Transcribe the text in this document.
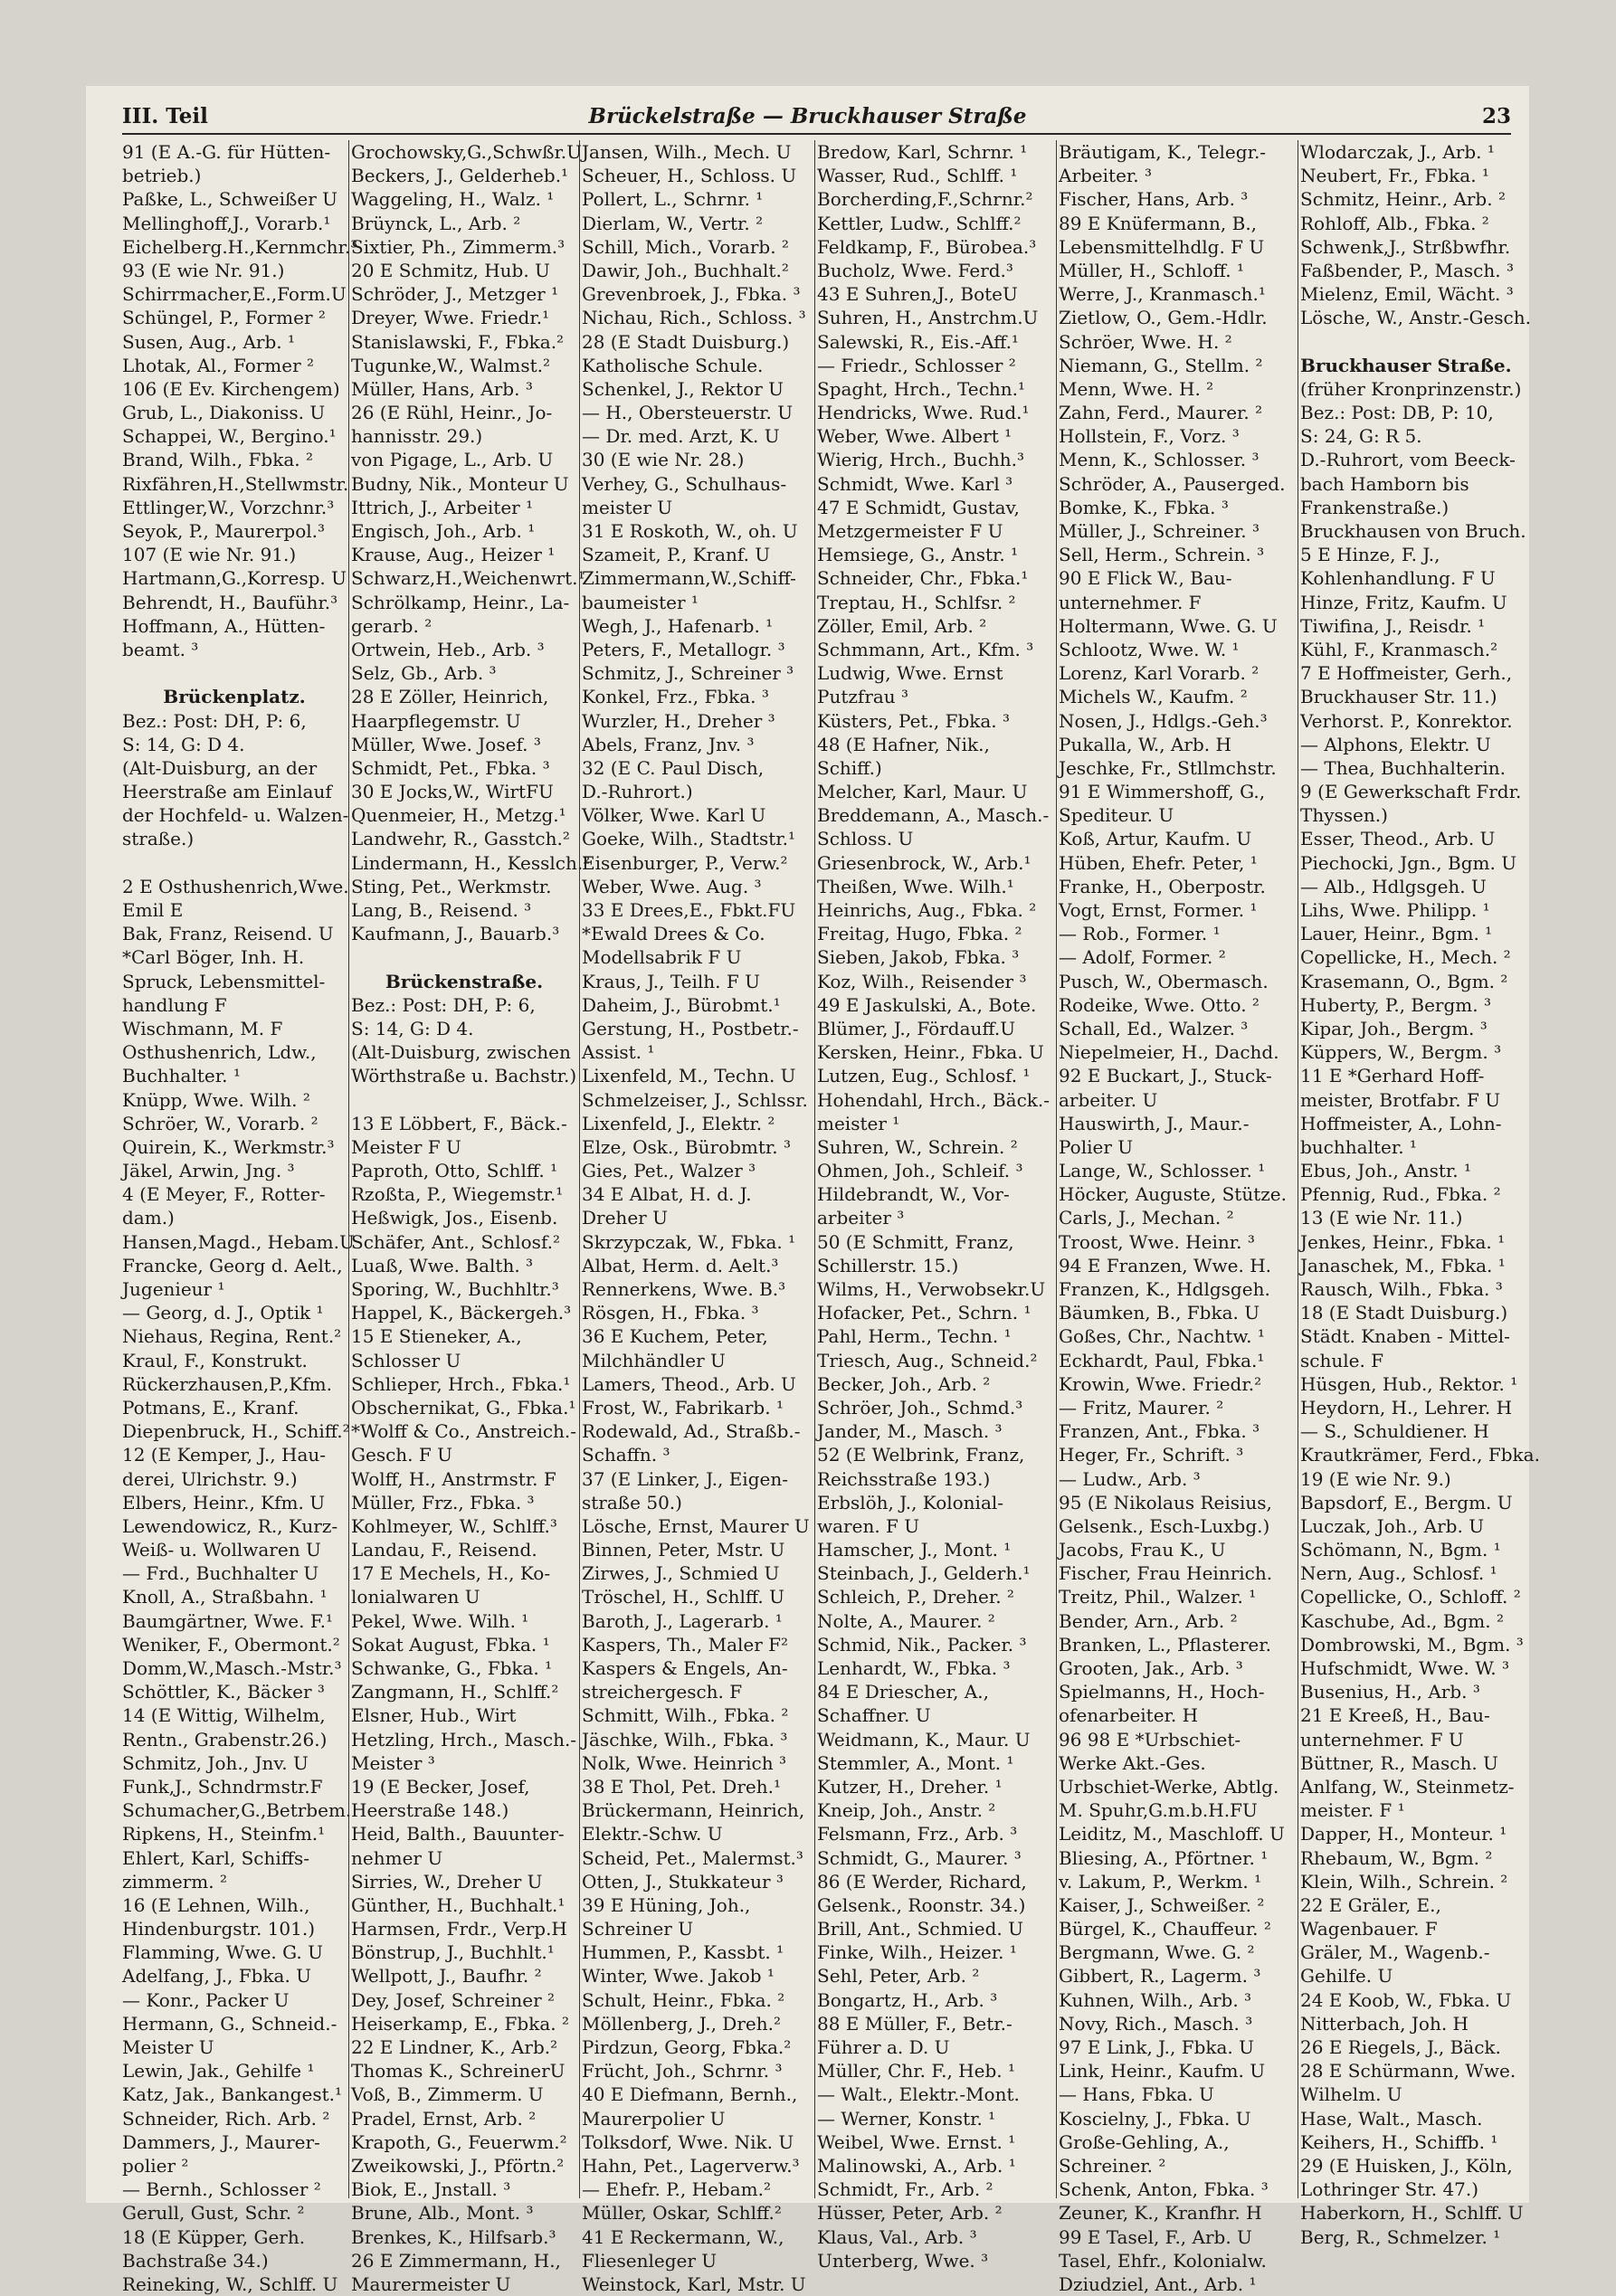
III. Teil	Brückelstraße — Bruckhauser Straße	23
91 (E A.-G. für Hütten-
betrieb.)
Paßke, L., Schweißer U
Mellinghoff,J., Vorarb.¹
Eichelberg.H.,Kernmchr.³
93 (E wie Nr. 91.)
Schirrmacher,E.,Form.U
Schüngel, P., Former ²
Susen, Aug., Arb. ¹
Lhotak, Al., Former ²
106 (E Ev. Kirchengem)
Grub, L., Diakoniss. U
Schappei, W., Bergino.¹
Brand, Wilh., Fbka. ²
Rixfähren,H.,Stellwmstr.
Ettlinger,W., Vorzchnr.³
Seyok, P., Maurerpol.³
107 (E wie Nr. 91.)
Hartmann,G.,Korresp. U
Behrendt, H., Bauführ.³
Hoffmann, A., Hütten-
beamt. ³
Brückenplatz.
Bez.: Post: DH, P: 6,
S: 14, G: D 4.
(Alt-Duisburg, an der
Heerstraße am Einlauf
der Hochfeld- u. Walzen-
straße.)
2 E Osthushenrich,Wwe.
Emil E
Bak, Franz, Reisend. U
*Carl Böger, Inh. H.
Spruck, Lebensmittel-
handlung F
Wischmann, M. F
Osthushenrich, Ldw.,
Buchhalter. ¹
Knüpp, Wwe. Wilh. ²
Schröer, W., Vorarb. ²
Quirein, K., Werkmstr.³
Jäkel, Arwin, Jng. ³
4 (E Meyer, F., Rotter-
dam.)
Hansen,Magd., Hebam.U
Francke, Georg d. Aelt.,
Jugenieur ¹
— Georg, d. J., Optik ¹
Niehaus, Regina, Rent.²
Kraul, F., Konstrukt.
Rückerzhausen,P.,Kfm.
Potmans, E., Kranf.
Diepenbruck, H., Schiff.²
12 (E Kemper, J., Hau-
derei, Ulrichstr. 9.)
Elbers, Heinr., Kfm. U
Lewendowicz, R., Kurz-
Weiß- u. Wollwaren U
— Frd., Buchhalter U
Knoll, A., Straßbahn. ¹
Baumgärtner, Wwe. F.¹
Weniker, F., Obermont.²
Domm,W.,Masch.-Mstr.³
Schöttler, K., Bäcker ³
14 (E Wittig, Wilhelm,
Rentn., Grabenstr.26.)
Schmitz, Joh., Jnv. U
Funk,J., Schndrmstr.F
Schumacher,G.,Betrbem.
Ripkens, H., Steinfm.¹
Ehlert, Karl, Schiffs-
zimmerm. ²
16 (E Lehnen, Wilh.,
Hindenburgstr. 101.)
Flamming, Wwe. G. U
Adelfang, J., Fbka. U
— Konr., Packer U
Hermann, G., Schneid.-
Meister U
Lewin, Jak., Gehilfe ¹
Katz, Jak., Bankangest.¹
Schneider, Rich. Arb. ²
Dammers, J., Maurer-
polier ²
— Bernh., Schlosser ²
Gerull, Gust, Schr. ²
18 (E Küpper, Gerh.
Bachstraße 34.)
Reineking, W., Schlff. U
Grochowsky,G.,Schwßr.U
Beckers, J., Gelderheb.¹
Waggeling, H., Walz. ¹
Brüynck, L., Arb. ²
Sixtier, Ph., Zimmerm.³
20 E Schmitz, Hub. U
Schröder, J., Metzger ¹
Dreyer, Wwe. Friedr.¹
Stanislawski, F., Fbka.²
Tugunke,W., Walmst.²
Müller, Hans, Arb. ³
26 (E Rühl, Heinr., Jo-
hannisstr. 29.)
von Pigage, L., Arb. U
Budny, Nik., Monteur U
Ittrich, J., Arbeiter ¹
Engisch, Joh., Arb. ¹
Krause, Aug., Heizer ¹
Schwarz,H.,Weichenwrt.¹
Schrölkamp, Heinr., La-
gerarb. ²
Ortwein, Heb., Arb. ³
Selz, Gb., Arb. ³
28 E Zöller, Heinrich,
Haarpflegemstr. U
Müller, Wwe. Josef. ³
Schmidt, Pet., Fbka. ³
30 E Jocks,W., WirtFU
Quenmeier, H., Metzg.¹
Landwehr, R., Gasstch.²
Lindermann, H., Kesslch.²
Sting, Pet., Werkmstr.
Lang, B., Reisend. ³
Kaufmann, J., Bauarb.³
Brückenstraße.
Bez.: Post: DH, P: 6,
S: 14, G: D 4.
(Alt-Duisburg, zwischen
Wörthstraße u. Bachstr.)
13 E Löbbert, F., Bäck.-
Meister F U
Paproth, Otto, Schlff. ¹
Rzoßta, P., Wiegemstr.¹
Heßwigk, Jos., Eisenb.
Schäfer, Ant., Schlosf.²
Luaß, Wwe. Balth. ³
Sporing, W., Buchhltr.³
Happel, K., Bäckergeh.³
15 E Stieneker, A.,
Schlosser U
Schlieper, Hrch., Fbka.¹
Obschernikat, G., Fbka.¹
*Wolff & Co., Anstreich.-
Gesch. F U
Wolff, H., Anstrmstr. F
Müller, Frz., Fbka. ³
Kohlmeyer, W., Schlff.³
Landau, F., Reisend.
17 E Mechels, H., Ko-
lonialwaren U
Pekel, Wwe. Wilh. ¹
Sokat August, Fbka. ¹
Schwanke, G., Fbka. ¹
Zangmann, H., Schlff.²
Elsner, Hub., Wirt
Hetzling, Hrch., Masch.-
Meister ³
19 (E Becker, Josef,
Heerstraße 148.)
Heid, Balth., Bauunter-
nehmer U
Sirries, W., Dreher U
Günther, H., Buchhalt.¹
Harmsen, Frdr., Verp.H
Bönstrup, J., Buchhlt.¹
Wellpott, J., Baufhr. ²
Dey, Josef, Schreiner ²
Heiserkamp, E., Fbka. ²
22 E Lindner, K., Arb.²
Thomas K., SchreinerU
Voß, B., Zimmerm. U
Pradel, Ernst, Arb. ²
Krapoth, G., Feuerwm.²
Zweikowski, J., Pförtn.²
Biok, E., Jnstall. ³
Brune, Alb., Mont. ³
Brenkes, K., Hilfsarb.³
26 E Zimmermann, H.,
Maurermeister U
Jansen, Wilh., Mech. U
Scheuer, H., Schloss. U
Pollert, L., Schrnr. ¹
Dierlam, W., Vertr. ²
Schill, Mich., Vorarb. ²
Dawir, Joh., Buchhalt.²
Grevenbroek, J., Fbka. ³
Nichau, Rich., Schloss. ³
28 (E Stadt Duisburg.)
Katholische Schule.
Schenkel, J., Rektor U
— H., Obersteuerstr. U
— Dr. med. Arzt, K. U
30 (E wie Nr. 28.)
Verhey, G., Schulhaus-
meister U
31 E Roskoth, W., oh. U
Szameit, P., Kranf. U
Zimmermann,W.,Schiff-
baumeister ¹
Wegh, J., Hafenarb. ¹
Peters, F., Metallogr. ³
Schmitz, J., Schreiner ³
Konkel, Frz., Fbka. ³
Wurzler, H., Dreher ³
Abels, Franz, Jnv. ³
32 (E C. Paul Disch,
D.-Ruhrort.)
Völker, Wwe. Karl U
Goeke, Wilh., Stadtstr.¹
Eisenburger, P., Verw.²
Weber, Wwe. Aug. ³
33 E Drees,E., Fbkt.FU
*Ewald Drees & Co.
Modellsabrik F U
Kraus, J., Teilh. F U
Daheim, J., Bürobmt.¹
Gerstung, H., Postbetr.-
Assist. ¹
Lixenfeld, M., Techn. U
Schmelzeiser, J., Schlssr.
Lixenfeld, J., Elektr. ²
Elze, Osk., Bürobmtr. ³
Gies, Pet., Walzer ³
34 E Albat, H. d. J.
Dreher U
Skrzypczak, W., Fbka. ¹
Albat, Herm. d. Aelt.³
Rennerkens, Wwe. B.³
Rösgen, H., Fbka. ³
36 E Kuchem, Peter,
Milchhändler U
Lamers, Theod., Arb. U
Frost, W., Fabrikarb. ¹
Rodewald, Ad., Straßb.-
Schaffn. ³
37 (E Linker, J., Eigen-
straße 50.)
Lösche, Ernst, Maurer U
Binnen, Peter, Mstr. U
Zirwes, J., Schmied U
Tröschel, H., Schlff. U
Baroth, J., Lagerarb. ¹
Kaspers, Th., Maler F²
Kaspers & Engels, An-
streichergesch. F
Schmitt, Wilh., Fbka. ²
Jäschke, Wilh., Fbka. ³
Nolk, Wwe. Heinrich ³
38 E Thol, Pet. Dreh.¹
Brückermann, Heinrich,
Elektr.-Schw. U
Scheid, Pet., Malermst.³
Otten, J., Stukkateur ³
39 E Hüning, Joh.,
Schreiner U
Hummen, P., Kassbt. ¹
Winter, Wwe. Jakob ¹
Schult, Heinr., Fbka. ²
Möllenberg, J., Dreh.²
Pirdzun, Georg, Fbka.²
Frücht, Joh., Schrnr. ³
40 E Diefmann, Bernh.,
Maurerpolier U
Tolksdorf, Wwe. Nik. U
Hahn, Pet., Lagerverw.³
— Ehefr. P., Hebam.²
Müller, Oskar, Schlff.²
41 E Reckermann, W.,
Fliesenleger U
Weinstock, Karl, Mstr. U
Bredow, Karl, Schrnr. ¹
Wasser, Rud., Schlff. ¹
Borcherding,F.,Schrnr.²
Kettler, Ludw., Schlff.²
Feldkamp, F., Bürobea.³
Bucholz, Wwe. Ferd.³
43 E Suhren,J., BoteU
Suhren, H., Anstrchm.U
Salewski, R., Eis.-Aff.¹
— Friedr., Schlosser ²
Spaght, Hrch., Techn.¹
Hendricks, Wwe. Rud.¹
Weber, Wwe. Albert ¹
Wierig, Hrch., Buchh.³
Schmidt, Wwe. Karl ³
47 E Schmidt, Gustav,
Metzgermeister F U
Hemsiege, G., Anstr. ¹
Schneider, Chr., Fbka.¹
Treptau, H., Schlfsr. ²
Zöller, Emil, Arb. ²
Schmmann, Art., Kfm. ³
Ludwig, Wwe. Ernst
Putzfrau ³
Küsters, Pet., Fbka. ³
48 (E Hafner, Nik.,
Schiff.)
Melcher, Karl, Maur. U
Breddemann, A., Masch.-
Schloss. U
Griesenbrock, W., Arb.¹
Theißen, Wwe. Wilh.¹
Heinrichs, Aug., Fbka. ²
Freitag, Hugo, Fbka. ²
Sieben, Jakob, Fbka. ³
Koz, Wilh., Reisender ³
49 E Jaskulski, A., Bote.
Blümer, J., Fördauff.U
Kersken, Heinr., Fbka. U
Lutzen, Eug., Schlosf. ¹
Hohendahl, Hrch., Bäck.-
meister ¹
Suhren, W., Schrein. ²
Ohmen, Joh., Schleif. ³
Hildebrandt, W., Vor-
arbeiter ³
50 (E Schmitt, Franz,
Schillerstr. 15.)
Wilms, H., Verwobsekr.U
Hofacker, Pet., Schrn. ¹
Pahl, Herm., Techn. ¹
Triesch, Aug., Schneid.²
Becker, Joh., Arb. ²
Schröer, Joh., Schmd.³
Jander, M., Masch. ³
52 (E Welbrink, Franz,
Reichsstraße 193.)
Erbslöh, J., Kolonial-
waren. F U
Hamscher, J., Mont. ¹
Steinbach, J., Gelderh.¹
Schleich, P., Dreher. ²
Nolte, A., Maurer. ²
Schmid, Nik., Packer. ³
Lenhardt, W., Fbka. ³
84 E Driescher, A.,
Schaffner. U
Weidmann, K., Maur. U
Stemmler, A., Mont. ¹
Kutzer, H., Dreher. ¹
Kneip, Joh., Anstr. ²
Felsmann, Frz., Arb. ³
Schmidt, G., Maurer. ³
86 (E Werder, Richard,
Gelsenk., Roonstr. 34.)
Brill, Ant., Schmied. U
Finke, Wilh., Heizer. ¹
Sehl, Peter, Arb. ²
Bongartz, H., Arb. ³
88 E Müller, F., Betr.-
Führer a. D. U
Müller, Chr. F., Heb. ¹
— Walt., Elektr.-Mont.
— Werner, Konstr. ¹
Weibel, Wwe. Ernst. ¹
Malinowski, A., Arb. ¹
Schmidt, Fr., Arb. ²
Hüsser, Peter, Arb. ²
Klaus, Val., Arb. ³
Unterberg, Wwe. ³
Bräutigam, K., Telegr.-
Arbeiter. ³
Fischer, Hans, Arb. ³
89 E Knüfermann, B.,
Lebensmittelhdlg. F U
Müller, H., Schloff. ¹
Werre, J., Kranmasch.¹
Zietlow, O., Gem.-Hdlr.
Schröer, Wwe. H. ²
Niemann, G., Stellm. ²
Menn, Wwe. H. ²
Zahn, Ferd., Maurer. ²
Hollstein, F., Vorz. ³
Menn, K., Schlosser. ³
Schröder, A., Pauserged.
Bomke, K., Fbka. ³
Müller, J., Schreiner. ³
Sell, Herm., Schrein. ³
90 E Flick W., Bau-
unternehmer. F
Holtermann, Wwe. G. U
Schlootz, Wwe. W. ¹
Lorenz, Karl Vorarb. ²
Michels W., Kaufm. ²
Nosen, J., Hdlgs.-Geh.³
Pukalla, W., Arb. H
Jeschke, Fr., Stllmchstr.
91 E Wimmershoff, G.,
Spediteur. U
Koß, Artur, Kaufm. U
Hüben, Ehefr. Peter, ¹
Franke, H., Oberpostr.
Vogt, Ernst, Former. ¹
— Rob., Former. ¹
— Adolf, Former. ²
Pusch, W., Obermasch.
Rodeike, Wwe. Otto. ²
Schall, Ed., Walzer. ³
Niepelmeier, H., Dachd.
92 E Buckart, J., Stuck-
arbeiter. U
Hauswirth, J., Maur.-
Polier U
Lange, W., Schlosser. ¹
Höcker, Auguste, Stütze.
Carls, J., Mechan. ²
Troost, Wwe. Heinr. ³
94 E Franzen, Wwe. H.
Franzen, K., Hdlgsgeh.
Bäumken, B., Fbka. U
Goßes, Chr., Nachtw. ¹
Eckhardt, Paul, Fbka.¹
Krowin, Wwe. Friedr.²
— Fritz, Maurer. ²
Franzen, Ant., Fbka. ³
Heger, Fr., Schrift. ³
— Ludw., Arb. ³
95 (E Nikolaus Reisius,
Gelsenk., Esch-Luxbg.)
Jacobs, Frau K., U
Fischer, Frau Heinrich.
Treitz, Phil., Walzer. ¹
Bender, Arn., Arb. ²
Branken, L., Pflasterer.
Grooten, Jak., Arb. ³
Spielmanns, H., Hoch-
ofenarbeiter. H
96 98 E *Urbschiet-
Werke Akt.-Ges.
Urbschiet-Werke, Abtlg.
M. Spuhr,G.m.b.H.FU
Leiditz, M., Maschloff. U
Bliesing, A., Pförtner. ¹
v. Lakum, P., Werkm. ¹
Kaiser, J., Schweißer. ²
Bürgel, K., Chauffeur. ²
Bergmann, Wwe. G. ²
Gibbert, R., Lagerm. ³
Kuhnen, Wilh., Arb. ³
Novy, Rich., Masch. ³
97 E Link, J., Fbka. U
Link, Heinr., Kaufm. U
— Hans, Fbka. U
Koscielny, J., Fbka. U
Große-Gehling, A.,
Schreiner. ²
Schenk, Anton, Fbka. ³
Zeuner, K., Kranfhr. H
99 E Tasel, F., Arb. U
Tasel, Ehfr., Kolonialw.
Dziudziel, Ant., Arb. ¹
Wlodarczak, J., Arb. ¹
Neubert, Fr., Fbka. ¹
Schmitz, Heinr., Arb. ²
Rohloff, Alb., Fbka. ²
Schwenk,J., Strßbwfhr.
Faßbender, P., Masch. ³
Mielenz, Emil, Wächt. ³
Lösche, W., Anstr.-Gesch.
Bruckhauser Straße.
(früher Kronprinzenstr.)
Bez.: Post: DB, P: 10,
S: 24, G: R 5.
D.-Ruhrort, vom Beeck-
bach Hamborn bis
Frankenstraße.)
Bruckhausen von Bruch.
5 E Hinze, F. J.,
Kohlenhandlung. F U
Hinze, Fritz, Kaufm. U
Tiwifina, J., Reisdr. ¹
Kühl, F., Kranmasch.²
7 E Hoffmeister, Gerh.,
Bruckhauser Str. 11.)
Verhorst. P., Konrektor.
— Alphons, Elektr. U
— Thea, Buchhalterin.
9 (E Gewerkschaft Frdr.
Thyssen.)
Esser, Theod., Arb. U
Piechocki, Jgn., Bgm. U
— Alb., Hdlgsgeh. U
Lihs, Wwe. Philipp. ¹
Lauer, Heinr., Bgm. ¹
Copellicke, H., Mech. ²
Krasemann, O., Bgm. ²
Huberty, P., Bergm. ³
Kipar, Joh., Bergm. ³
Küppers, W., Bergm. ³
11 E *Gerhard Hoff-
meister, Brotfabr. F U
Hoffmeister, A., Lohn-
buchhalter. ¹
Ebus, Joh., Anstr. ¹
Pfennig, Rud., Fbka. ²
13 (E wie Nr. 11.)
Jenkes, Heinr., Fbka. ¹
Janaschek, M., Fbka. ¹
Rausch, Wilh., Fbka. ³
18 (E Stadt Duisburg.)
Städt. Knaben - Mittel-
schule. F
Hüsgen, Hub., Rektor. ¹
Heydorn, H., Lehrer. H
— S., Schuldiener. H
Krautkrämer, Ferd., Fbka.
19 (E wie Nr. 9.)
Bapsdorf, E., Bergm. U
Luczak, Joh., Arb. U
Schömann, N., Bgm. ¹
Nern, Aug., Schlosf. ¹
Copellicke, O., Schloff. ²
Kaschube, Ad., Bgm. ²
Dombrowski, M., Bgm. ³
Hufschmidt, Wwe. W. ³
Busenius, H., Arb. ³
21 E Kreeß, H., Bau-
unternehmer. F U
Büttner, R., Masch. U
Anlfang, W., Steinmetz-
meister. F ¹
Dapper, H., Monteur. ¹
Rhebaum, W., Bgm. ²
Klein, Wilh., Schrein. ²
22 E Gräler, E.,
Wagenbauer. F
Gräler, M., Wagenb.-
Gehilfe. U
24 E Koob, W., Fbka. U
Nitterbach, Joh. H
26 E Riegels, J., Bäck.
28 E Schürmann, Wwe.
Wilhelm. U
Hase, Walt., Masch.
Keihers, H., Schiffb. ¹
29 (E Huisken, J., Köln,
Lothringer Str. 47.)
Haberkorn, H., Schlff. U
Berg, R., Schmelzer. ¹
